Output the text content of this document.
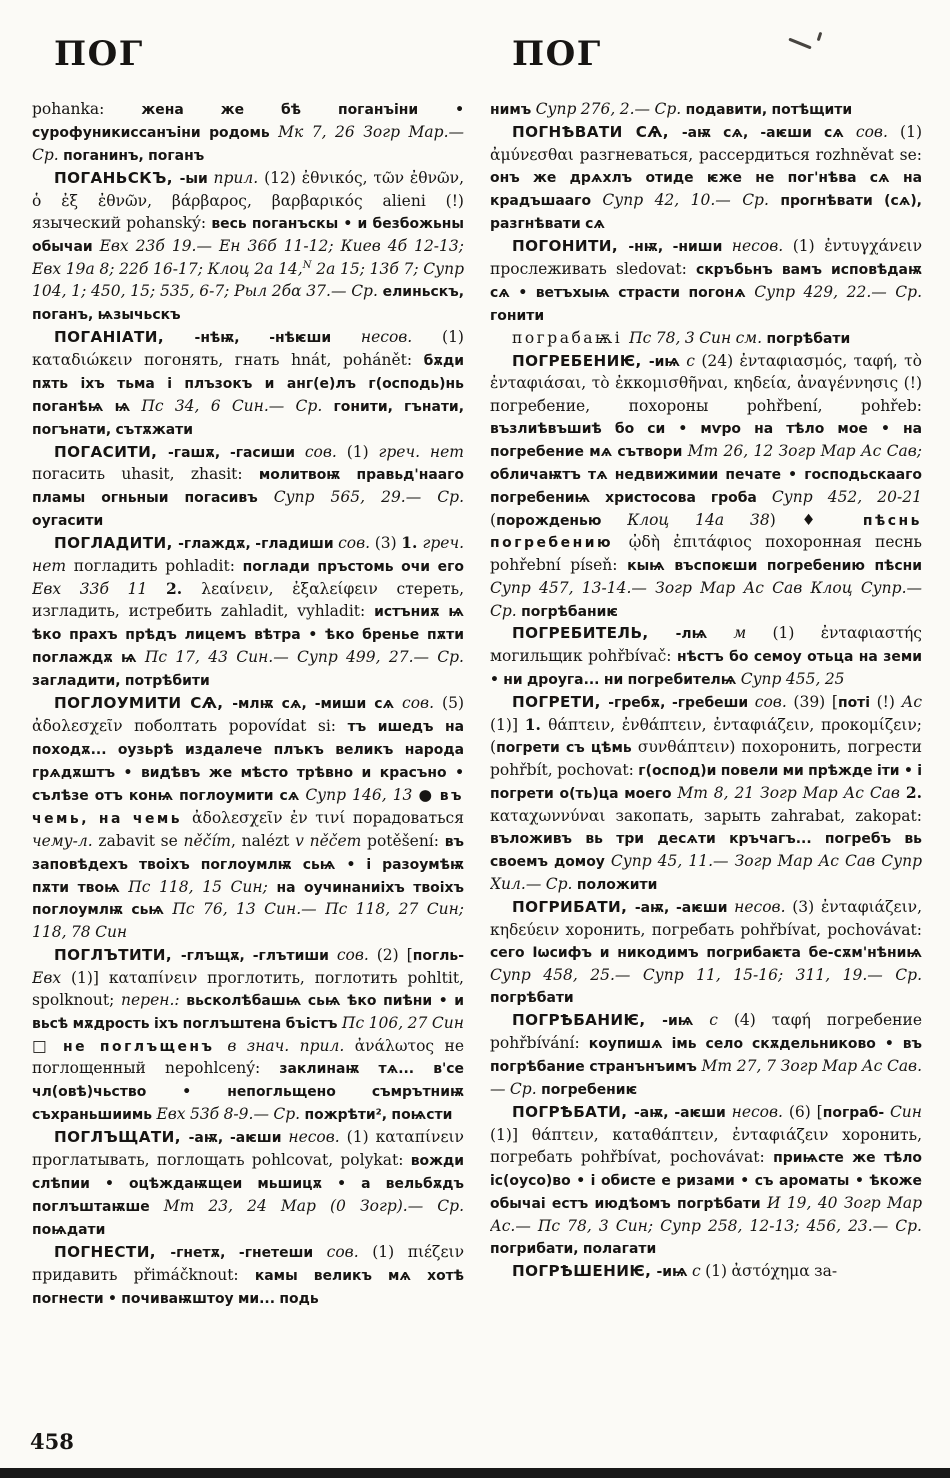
ПОГ

pohanka: жена же бѣ поганъіни • сурофуникиссанъіни родомь Мк 7, 26 Зогр Мар.— Ср. поганинъ, поганъ

ПОГАНЬСКЪ, -ыи прил. (12) ἐθνικός, τῶν ἐθνῶν, ὁ ἐξ ἐθνῶν, βάρβαρος, βαρβαρικός alieni (!) языческий pohanský: весь поганъскы • и безбожьны обычаи Евх 23б 19.— Ен 36б 11-12; Киев 4б 12-13; Евх 19а 8; 22б 16-17; Клоц 2а 14,$^N$ 2а 15; 13б 7; Супр 104, 1; 450, 15; 535, 6-7; Рыл 2бα 37.— Ср. елиньскъ, поганъ, ѩзычьскъ

ПОГАНІАТИ, -нѣѭ, -нѣѥши несов. (1) καταδιώκειν погонять, гнать hnát, pohánět: бѫди пѫть іхъ тьма і плъзокъ и анг(е)лъ г(осподь)нь поганѣѩ ѩ Пс 34, 6 Син.— Ср. гонити, гънати, погънати, сътѫжати

ПОГАСИТИ, -гашѫ, -гасиши сов. (1) греч. нет погасить uhasit, zhasit: молитвоѭ правьд'нааго пламы огньныи погасивъ Супр 565, 29.— Ср. оугасити

ПОГЛАДИТИ, -глаждѫ, -гладиши сов. (3) 1. греч. нет погладить pohladit: поглади пръстомь очи его Евх 33б 11 2. λεαίνειν, ἐξαλείφειν стереть, изгладить, истребить zahladit, vyhladit: истъниѫ ѩ ѣко прахъ прѣдъ лицемъ вѣтра • ѣко бренье пѫти поглаждѫ ѩ Пс 17, 43 Син.— Супр 499, 27.— Ср. загладити, потрѣбити

ПОГЛОУМИТИ СѦ, -млѭ сѧ, -миши сѧ сов. (5) ἀδολεσχεῖν поболтать popovídat si: тъ ишедъ на походѫ... оузьрѣ издалече плъкъ великъ народа грѧдѫштъ • видѣвъ же мѣсто трѣвно и красъно • сълѣзе отъ конѩ поглоумити сѧ Супр 146, 13 ● въ чемь, на чемь ἀδολεσχεῖν ἐν τινί порадоваться чему-л. zabavit se něčím, nalézt v něčem potěšení: въ заповѣдехъ твоіхъ поглоумлѭ сьѩ • і разоумѣѭ пѫти твоѩ Пс 118, 15 Син; на оучинаниіхъ твоіхъ поглоумлѭ сьѩ Пс 76, 13 Син.— Пс 118, 27 Син; 118, 78 Син

ПОГЛЪТИТИ, -глъщѫ, -глътиши сов. (2) [погль- Евх (1)] καταπίνειν проглотить, поглотить pohltit, spolknout; перен.: вьсколѣбашѩ сьѩ ѣко пиѣни • и вьсѣ мѫдрость іхъ поглъштена бъістъ Пс 106, 27 Син □ не поглъщенъ в знач. прил. ἀνάλωτος не поглощенный nepohlcený: заклинаѭ тѧ... в'се чл(овѣ)чьство • непогльщено съмрътниѭ съхраньшиимь Евх 53б 8-9.— Ср. пожрѣти², поѩсти

ПОГЛЪЩАТИ, -аѭ, -аѥши несов. (1) καταπίνειν проглатывать, поглощать pohlcovat, polykat: вожди слѣпии • оцѣждаѭщеи мьшицѫ • а вельбѫдъ поглъштаѭше Мт 23, 24 Мар (0 Зогр).— Ср. поѩдати

ПОГНЕСТИ, -гнетѫ, -гнетеши сов. (1) πιέζειν придавить přimáčknout: камы великъ мѧ хотѣ погнести • почиваѭштоу ми... подь

ПОГ

нимъ Супр 276, 2.— Ср. подавити, потѣщити

ПОГНѢВАТИ СѦ, -аѭ сѧ, -аѥши сѧ сов. (1) ἀμύνεσθαι разгневаться, рассердиться rozhněvat se: онъ же дрѧхлъ отиде ѥже не пог'нѣва сѧ на крадъшааго Супр 42, 10.— Ср. прогнѣвати (сѧ), разгнѣвати сѧ

ПОГОНИТИ, -нѭ, -ниши несов. (1) ἐντυγχάνειν прослеживать sledovat: скръбьнъ вамъ исповѣдаѭ сѧ • ветъхыѩ страсти погонѧ Супр 429, 22.— Ср. гонити

пограбаѭі Пс 78, 3 Син см. погрѣбати

ПОГРЕБЕНИѤ, -иѩ с (24) ἐνταφιασμός, ταφή, τὸ ἐνταφιάσαι, τὸ ἐκκομισθῆναι, κηδεία, ἀναγέννησις (!) погребение, похороны pohřbení, pohřeb: възлиѣвъшиѣ бо си • мѵро на тѣло мое • на погребение мѧ сътвори Мт 26, 12 Зогр Мар Ас Сав; обличаѭтъ тѧ недвижимии печате • господьскааго погребениѩ христосова гроба Супр 452, 20-21 (порожденью Клоц 14а 38) ♦ пѣснь погребению ᾠδὴ ἐπιτάφιος похоронная песнь pohřební píseň: кыѩ въспоѥши погребению пѣсни Супр 457, 13-14.— Зогр Мар Ас Сав Клоц Супр.— Ср. погрѣбаниѥ

ПОГРЕБИТЕЛЬ, -лѩ м (1) ἐνταφιαστής могильщик pohřbívač: нѣстъ бо семоу отьца на земи • ни дроуга... ни погребителѩ Супр 455, 25

ПОГРЕТИ, -гребѫ, -гребеши сов. (39) [поті (!) Ас (1)] 1. θάπτειν, ἐνθάπτειν, ἐνταφιάζειν, προκομίζειν; (погрети съ цѣмь συνθάπτειν) похоронить, погрести pohřbít, pochovat: г(оспод)и повели ми прѣжде іти • і погрети о(ть)ца моего Мт 8, 21 Зогр Мар Ас Сав 2. καταχωννύναι закопать, зарыть zahrabat, zakopat: въложивъ вь три десѧти кръчагъ... погребъ вь своемъ домоу Супр 45, 11.— Зогр Мар Ас Сав Супр Хил.— Ср. положити

ПОГРИБАТИ, -аѭ, -аѥши несов. (3) ἐνταφιάζειν, κηδεύειν хоронить, погребать pohřbívat, pochovávat: сего Іѡсифъ и никодимъ погрибаѥта бе-сѫм'нѣниѩ Супр 458, 25.— Супр 11, 15-16; 311, 19.— Ср. погрѣбати

ПОГРѢБАНИѤ, -иѩ с (4) ταφή погребение pohřbívání: коупишѧ імь село скѫдельниково • въ погрѣбание странънъимъ Мт 27, 7 Зогр Мар Ас Сав.— Ср. погребениѥ

ПОГРѢБАТИ, -аѭ, -аѥши несов. (6) [пограб- Син (1)] θάπτειν, καταθάπτειν, ἐνταφιάζειν хоронить, погребать pohřbívat, pochovávat: приѩсте же тѣло іс(оусо)во • і обисте е ризами • съ ароматы • ѣкоже обычаі естъ июдѣомъ погрѣбати И 19, 40 Зогр Мар Ас.— Пс 78, 3 Син; Супр 258, 12-13; 456, 23.— Ср. погрибати, полагати

ПОГРѢШЕНИѤ, -иѩ с (1) ἀστόχημα за-

458
